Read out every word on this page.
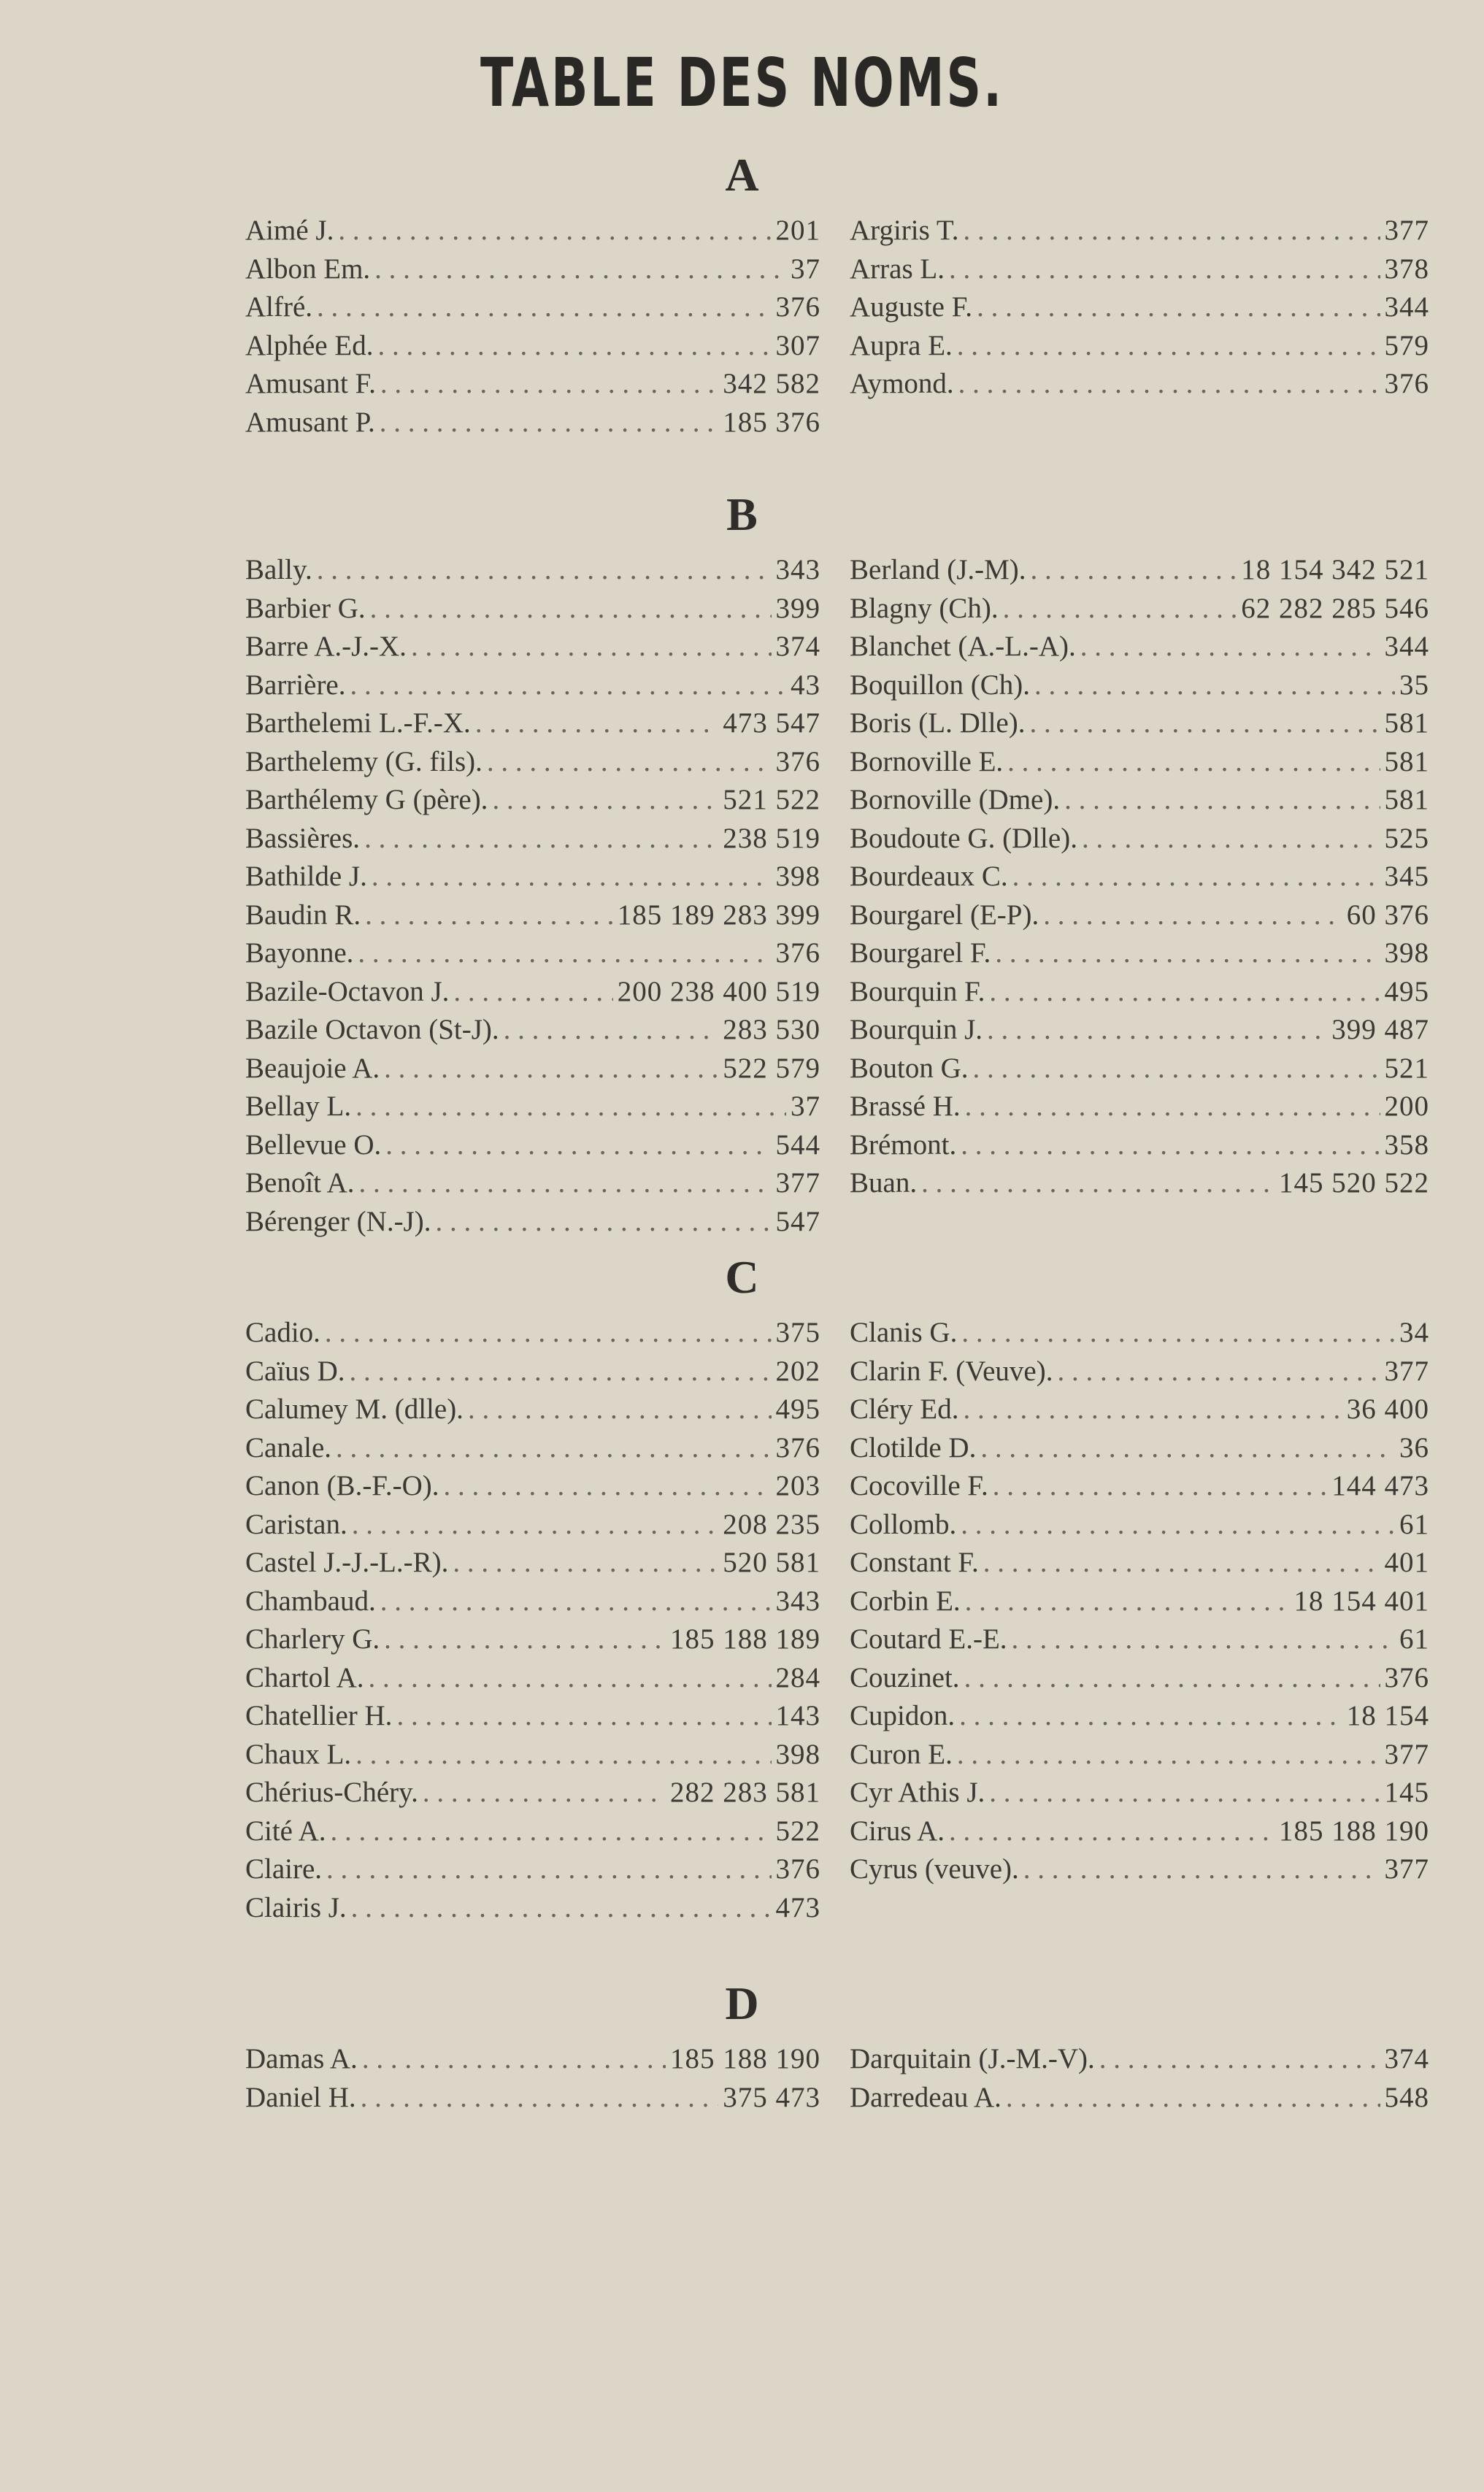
TABLE DES NOMS.
A
Aimé J. . . .	201
Albon Em. . . .	37
Alfré. . . .	376
Alphée Ed. . . .	307
Amusant F. . . .	342 582
Amusant P. . . .	185 376
Argiris T. . . .	377
Arras L. . . .	378
Auguste F. . . .	344
Aupra E. . . .	579
Aymond. . . .	376
B
Bally. . . .	343
Barbier G. . . .	399
Barre A.-J.-X. . . .	374
Barrière. . . .	43
Barthelemi L.-F.-X. . . .	473 547
Barthelemy (G. fils). . . .	376
Barthélemy G (père). . . .	521 522
Bassières. . . .	238 519
Bathilde J. . . .	398
Baudin R. . . .	185 189 283 399
Bayonne. . . .	376
Bazile-Octavon J. . . .	200 238 400 519
Bazile Octavon (St-J). . . .	283 530
Beaujoie A. . . .	522 579
Bellay L. . . .	37
Bellevue O. . . .	544
Benoît A. . . .	377
Bérenger (N.-J). . . .	547
Berland (J.-M). . . .	18 154 342 521
Blagny (Ch). . . .	62 282 285 546
Blanchet (A.-L.-A). . . .	344
Boquillon (Ch). . . .	35
Boris (L. Dlle). . . .	581
Bornoville E. . . .	581
Bornoville (Dme). . . .	581
Boudoute G. (Dlle). . . .	525
Bourdeaux C. . . .	345
Bourgarel (E-P). . . .	60 376
Bourgarel F. . . .	398
Bourquin F. . . .	495
Bourquin J. . . .	399 487
Bouton G. . . .	521
Brassé H. . . .	200
Brémont. . . .	358
Buan. . . .	145 520 522
C
Cadio. . . .	375
Caïus D. . . .	202
Calumey M. (dlle). . . .	495
Canale. . . .	376
Canon (B.-F.-O). . . .	203
Caristan. . . .	208 235
Castel J.-J.-L.-R). . . .	520 581
Chambaud. . . .	343
Charlery G. . . .	185 188 189
Chartol A. . . .	284
Chatellier H. . . .	143
Chaux L. . . .	398
Chérius-Chéry. . . .	282 283 581
Cité A. . . .	522
Claire. . . .	376
Clairis J. . . .	473
Clanis G. . . .	34
Clarin F. (Veuve). . . .	377
Cléry Ed. . . .	36 400
Clotilde D. . . .	36
Cocoville F. . . .	144 473
Collomb. . . .	61
Constant F. . . .	401
Corbin E. . . .	18 154 401
Coutard E.-E. . . .	61
Couzinet. . . .	376
Cupidon. . . .	18 154
Curon E. . . .	377
Cyr Athis J. . . .	145
Cirus A. . . .	185 188 190
Cyrus (veuve). . . .	377
D
Damas A. . . .	185 188 190
Daniel H. . . .	375 473
Darquitain (J.-M.-V). . . .	374
Darredeau A. . . .	548
